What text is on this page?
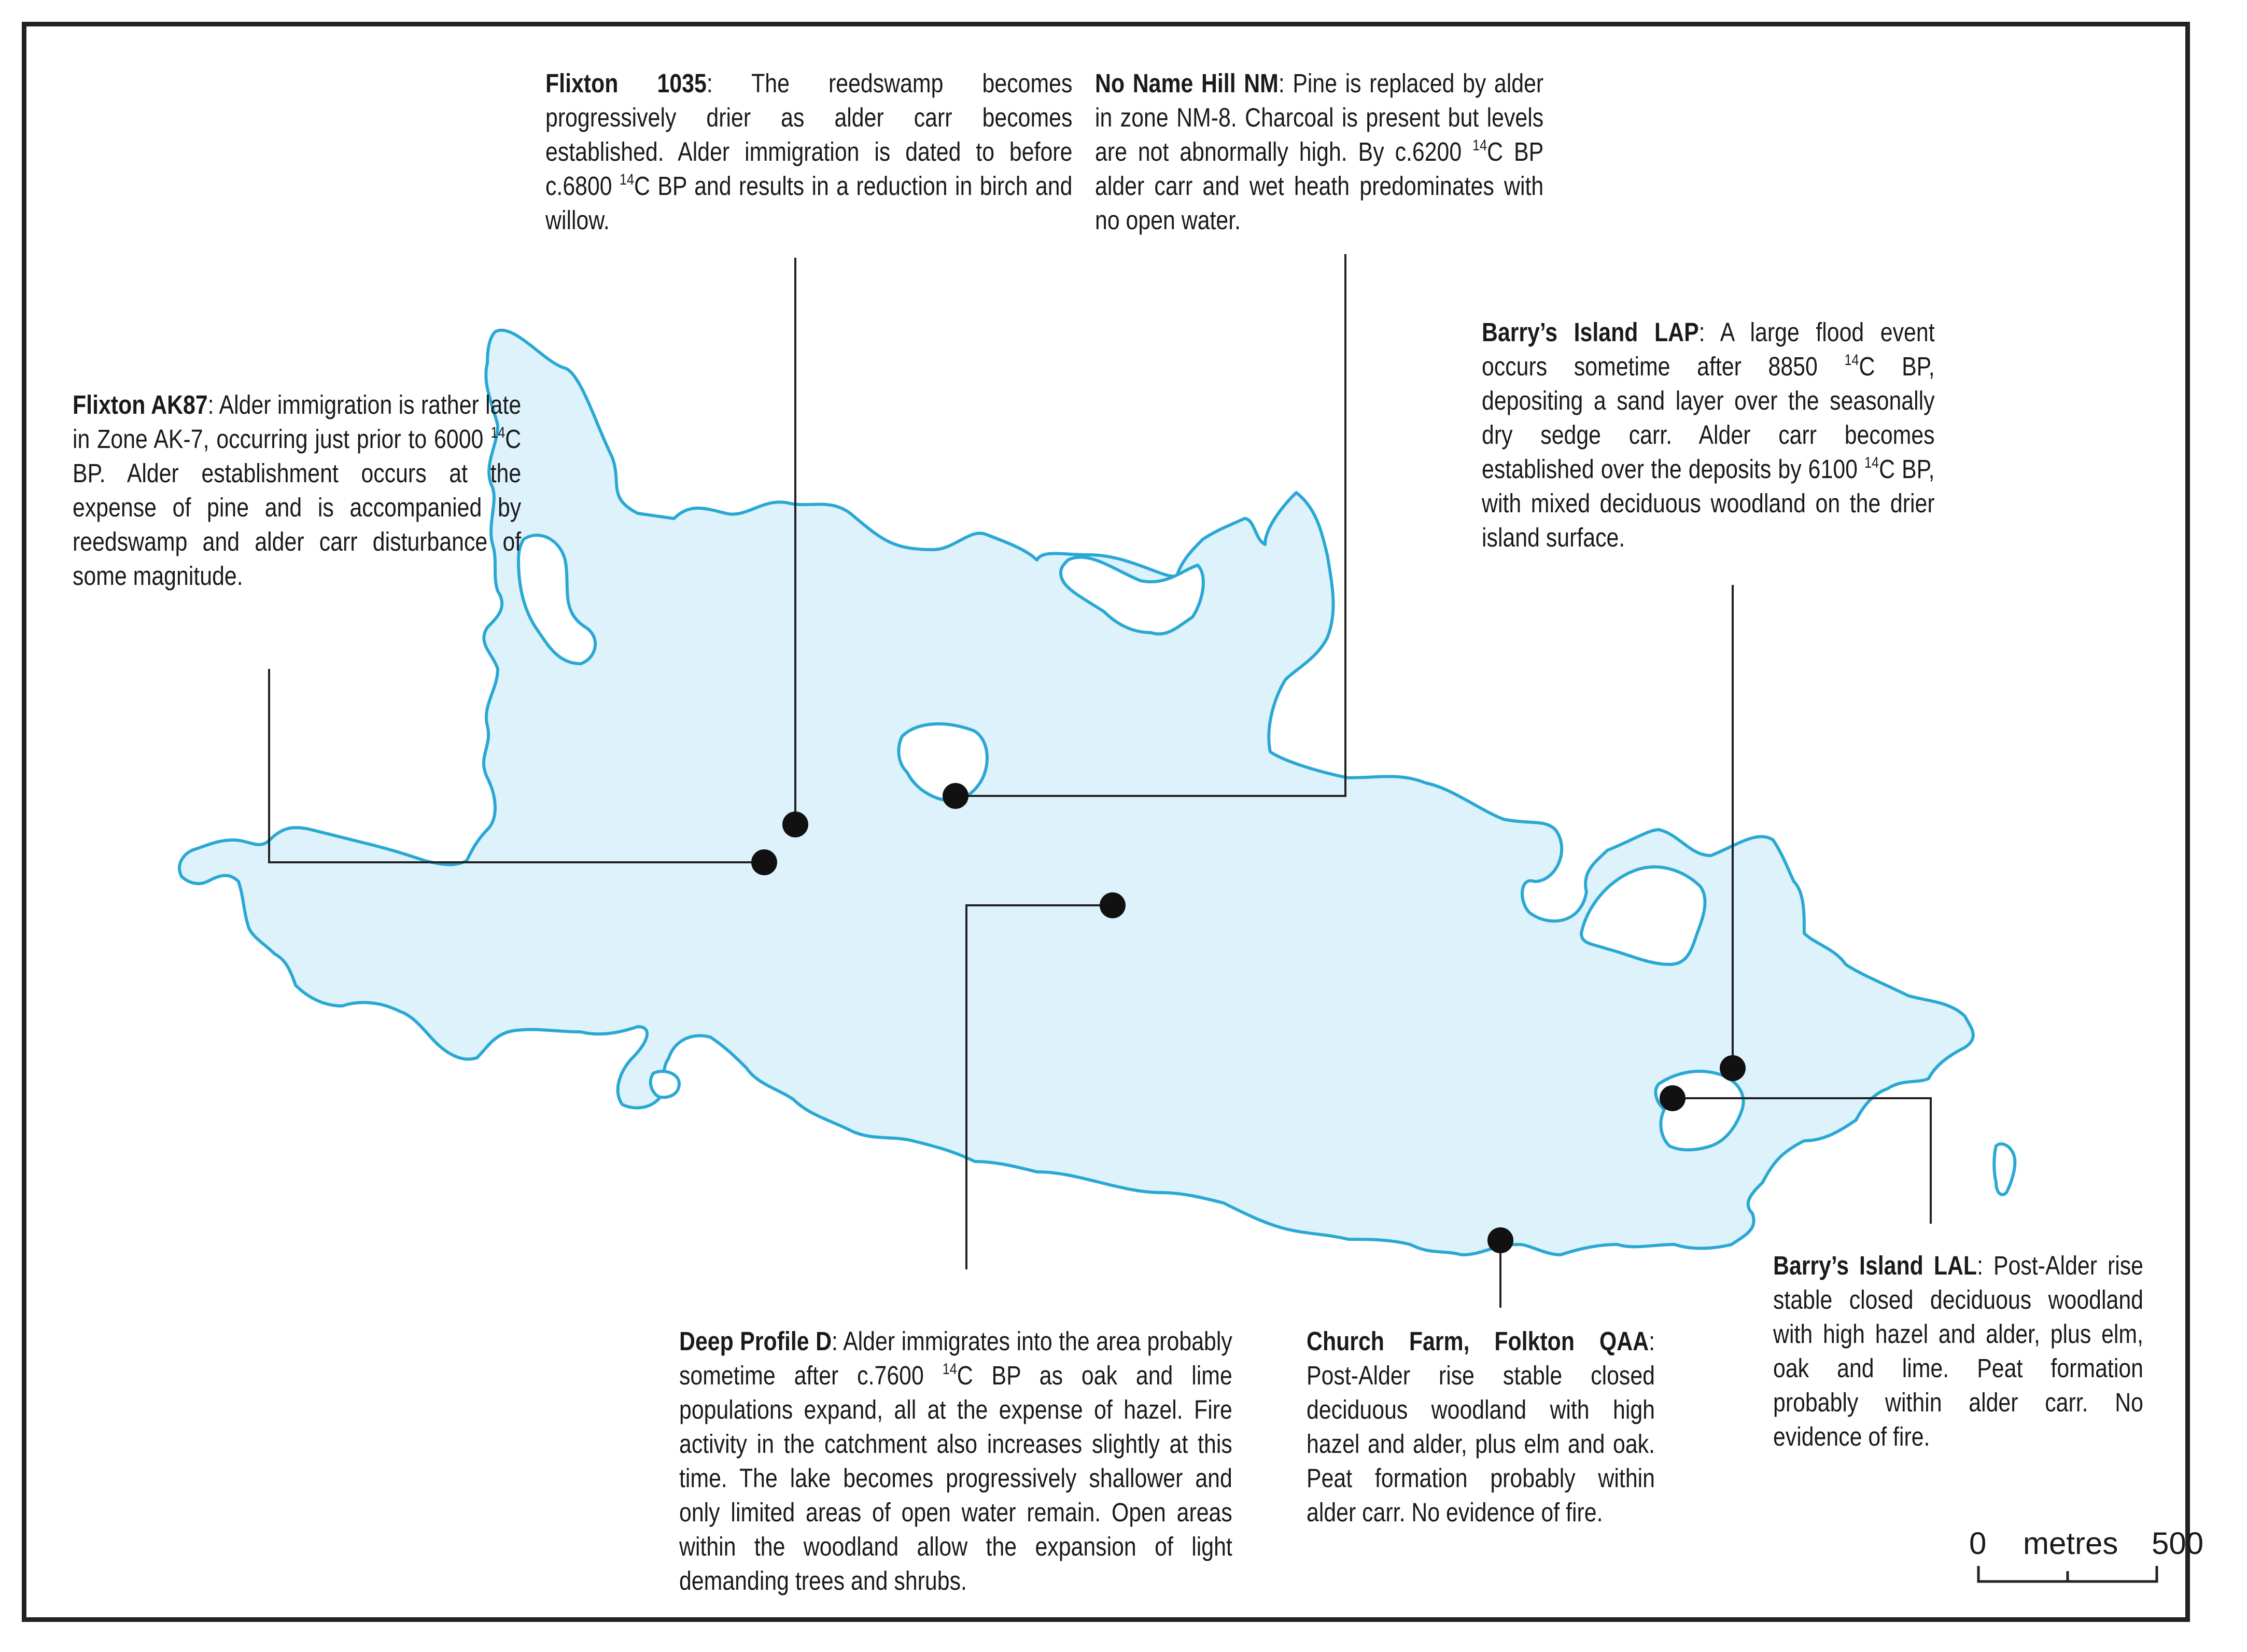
Flixton 1035: The reedswamp becomes progressively drier as alder carr becomes established. Alder immigration is dated to before c.6800 $^{14}$C BP and results in a reduction in birch and willow.
No Name Hill NM: Pine is replaced by alder in zone NM-8. Charcoal is present but levels are not abnormally high. By c.6200 $^{14}$C BP alder carr and wet heath predominates with no open water.
Flixton AK87: Alder immigration is rather late in Zone AK-7, occurring just prior to 6000 $^{14}$C BP. Alder establishment occurs at the expense of pine and is accompanied by reedswamp and alder carr disturbance of some magnitude.
Barry’s Island LAP: A large flood event occurs sometime after 8850 $^{14}$C BP, depositing a sand layer over the seasonally dry sedge carr. Alder carr becomes established over the deposits by 6100 $^{14}$C BP, with mixed deciduous woodland on the drier island surface.
Deep Profile D: Alder immigrates into the area probably sometime after c.7600 $^{14}$C BP as oak and lime populations expand, all at the expense of hazel. Fire activity in the catchment also increases slightly at this time. The lake becomes progressively shallower and only limited areas of open water remain. Open areas within the woodland allow the expansion of light demanding trees and shrubs.
Church Farm, Folkton QAA: Post-Alder rise stable closed deciduous woodland with high hazel and alder, plus elm and oak. Peat formation probably within alder carr. No evidence of fire.
Barry’s Island LAL: Post-Alder rise stable closed deciduous woodland with high hazel and alder, plus elm, oak and lime. Peat formation probably within alder carr. No evidence of fire.
0 metres 500
